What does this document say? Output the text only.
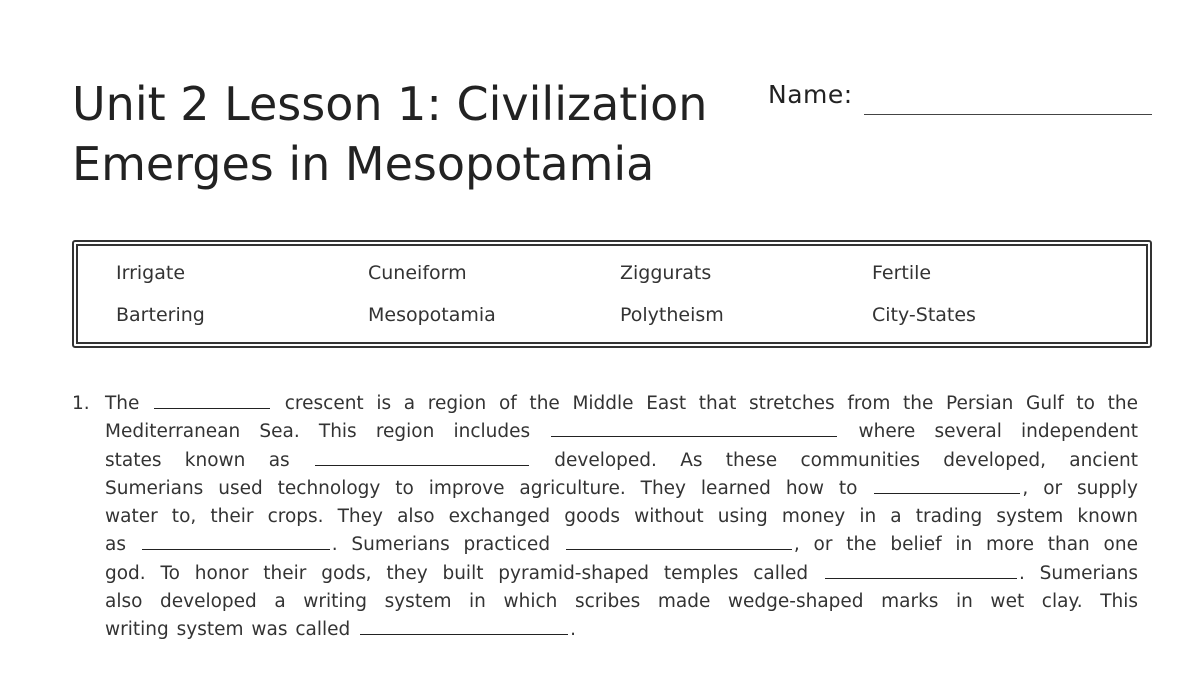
Unit 2 Lesson 1: Civilization
Emerges in Mesopotamia
Name:
Irrigate	Cuneiform	Ziggurats	Fertile
Bartering	Mesopotamia	Polytheism	City-States
1. The	crescent is a region of the Middle East that stretches from the Persian Gulf to the

Mediterranean Sea. This region includes	where several independent

states known as	developed. As these communities developed, ancient

Sumerians used technology to improve agriculture. They learned how to	, or supply

water to, their crops. They also exchanged goods without using money in a trading system known

as	. Sumerians practiced	, or the belief in more than one

god. To honor their gods, they built pyramid-shaped temples called	. Sumerians

also developed a writing system in which scribes made wedge-shaped marks in wet clay. This

writing system was called	.
